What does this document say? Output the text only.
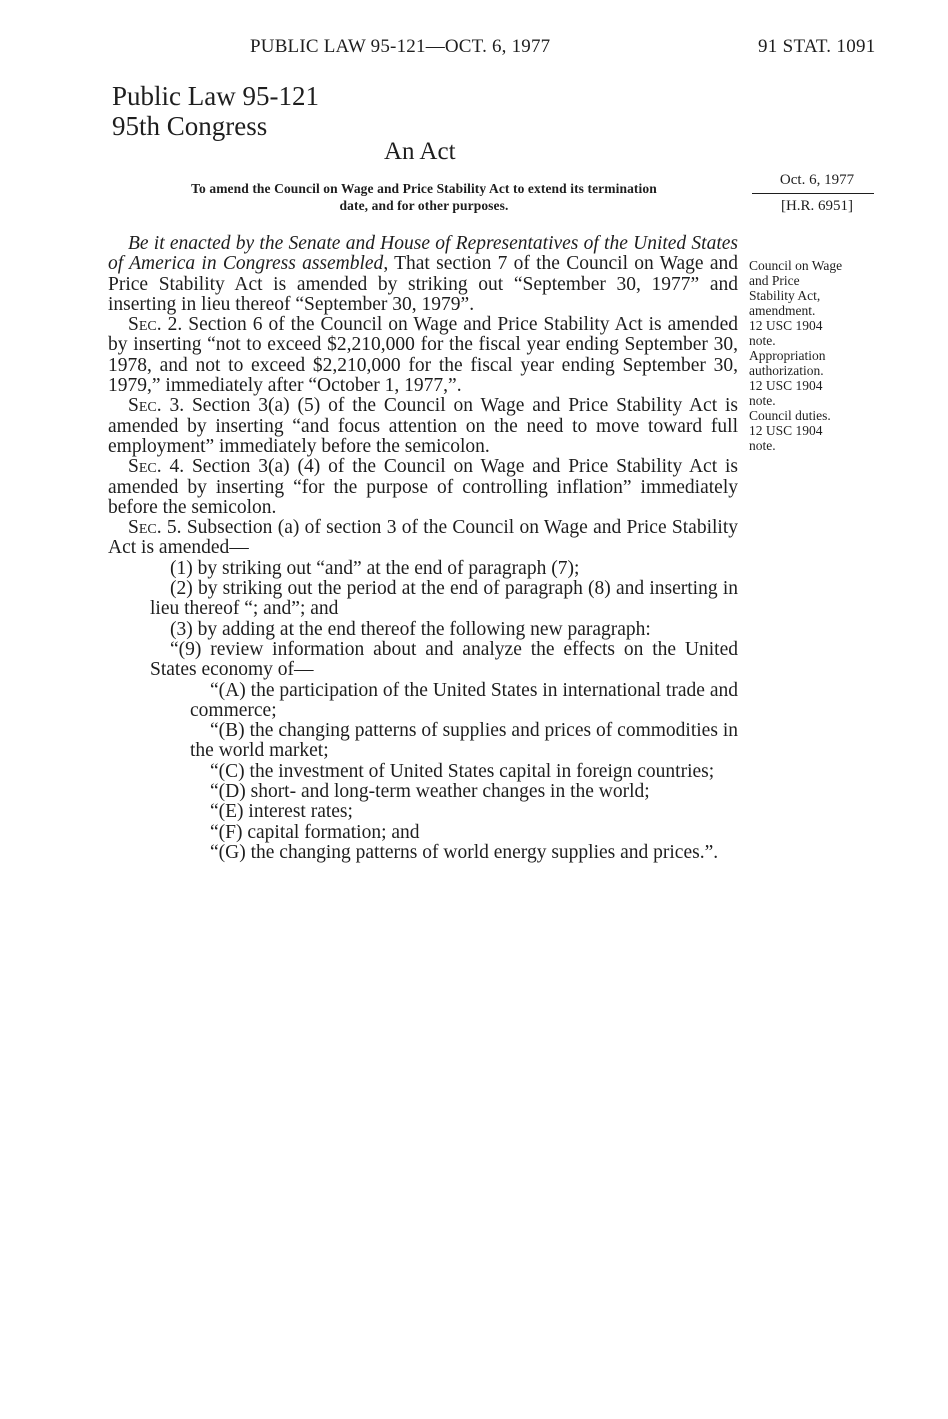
PUBLIC LAW 95-121—OCT. 6, 1977	91 STAT. 1091
Public Law 95-121
95th Congress
An Act
To amend the Council on Wage and Price Stability Act to extend its termination
date, and for other purposes.
Oct. 6, 1977
[H.R. 6951]

Be it enacted by the Senate and House of Representatives of the United States of America in Congress assembled, That section 7 of the Council on Wage and Price Stability Act is amended by striking out “September 30, 1977” and inserting in lieu thereof “September 30, 1979”.

Sec. 2. Section 6 of the Council on Wage and Price Stability Act is amended by inserting “not to exceed $2,210,000 for the fiscal year ending September 30, 1978, and not to exceed $2,210,000 for the fiscal year ending September 30, 1979,” immediately after “October 1, 1977,”.

Sec. 3. Section 3(a) (5) of the Council on Wage and Price Stability Act is amended by inserting “and focus attention on the need to move toward full employment” immediately before the semicolon.

Sec. 4. Section 3(a) (4) of the Council on Wage and Price Stability Act is amended by inserting “for the purpose of controlling inflation” immediately before the semicolon.

Sec. 5. Subsection (a) of section 3 of the Council on Wage and Price Stability Act is amended—

(1) by striking out “and” at the end of paragraph (7);

(2) by striking out the period at the end of paragraph (8) and inserting in lieu thereof “; and”; and

(3) by adding at the end thereof the following new paragraph:

“(9) review information about and analyze the effects on the United States economy of—

“(A) the participation of the United States in international trade and commerce;

“(B) the changing patterns of supplies and prices of commodities in the world market;

“(C) the investment of United States capital in foreign countries;

“(D) short- and long-term weather changes in the world;

“(E) interest rates;

“(F) capital formation; and

“(G) the changing patterns of world energy supplies and prices.”.

Council on Wage
and Price
Stability Act,
amendment.
12 USC 1904
note.
Appropriation
authorization.
12 USC 1904
note.
Council duties.
12 USC 1904
note.
